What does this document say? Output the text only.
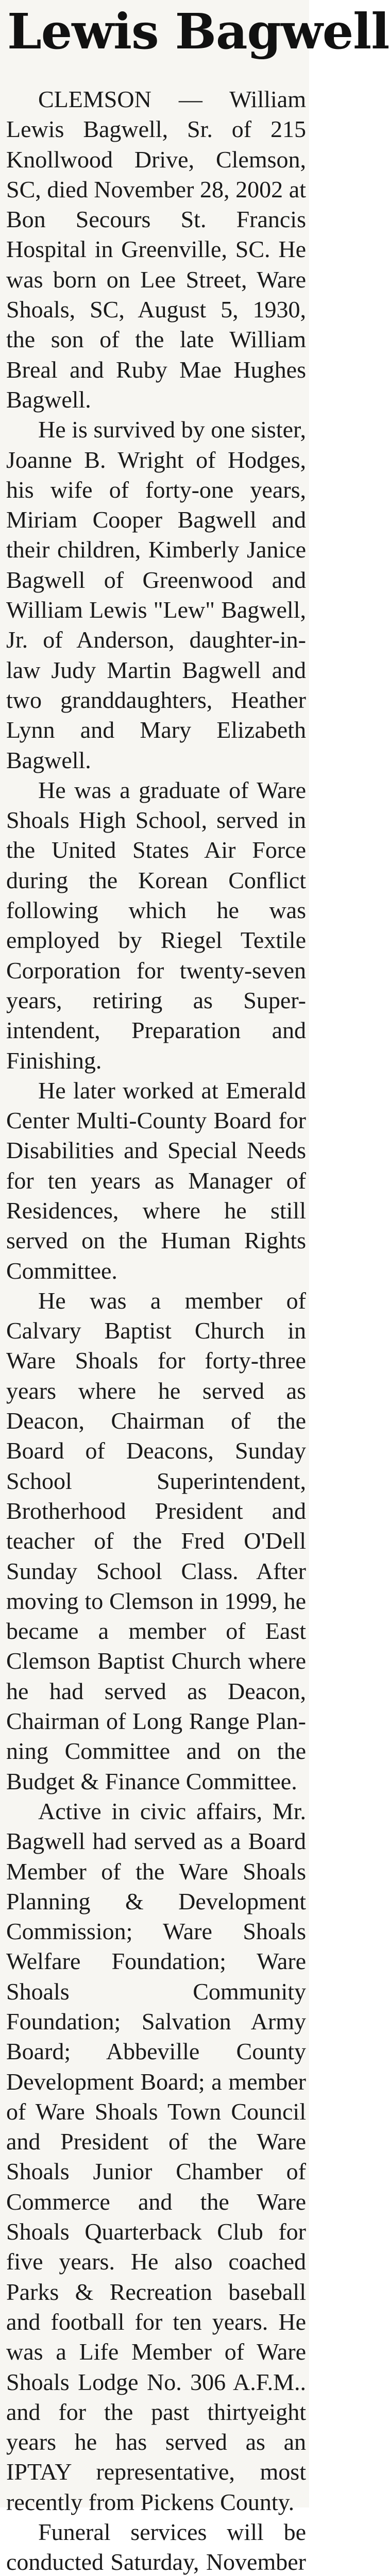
Lewis Bagwell

CLEMSON — William Lewis Bagwell, Sr. of 215 Knollwood Drive, Clemson, SC, died November 28, 2002 at Bon Secours St. Francis Hospital in Greenville, SC. He was born on Lee Street, Ware Shoals, SC, August 5, 1930, the son of the late William Breal and Ruby Mae Hughes Bagwell.

He is survived by one sister, Joanne B. Wright of Hodges, his wife of forty-one years, Miriam Cooper Bagwell and their children, Kimberly Janice Bagwell of Greenwood and William Lewis "Lew" Bagwell, Jr. of Anderson, daughter-in-law Judy Martin Bagwell and two granddaughters, Heather Lynn and Mary Elizabeth Bagwell.

He was a graduate of Ware Shoals High School, served in the United States Air Force during the Korean Conflict following which he was employed by Riegel Textile Corporation for twenty-seven years, retiring as Super-intendent, Preparation and Finishing.

He later worked at Emerald Center Multi-County Board for Disabilities and Special Needs for ten years as Manager of Residences, where he still served on the Human Rights Committee.

He was a member of Calvary Baptist Church in Ware Shoals for forty-three years where he served as Deacon, Chairman of the Board of Deacons, Sunday School Superintendent, Brotherhood President and teacher of the Fred O'Dell Sunday School Class. After moving to Clemson in 1999, he became a member of East Clemson Baptist Church where he had served as Deacon, Chairman of Long Range Planning Committee and on the Budget & Finance Committee.

Active in civic affairs, Mr. Bagwell had served as a Board Member of the Ware Shoals Planning & Development Commission; Ware Shoals Welfare Foundation; Ware Shoals Community Foundation; Salvation Army Board; Abbeville County Development Board; a member of Ware Shoals Town Council and President of the Ware Shoals Junior Chamber of Commerce and the Ware Shoals Quarterback Club for five years. He also coached Parks & Recreation baseball and football for ten years. He was a Life Member of Ware Shoals Lodge No. 306 A.F.M.. and for the past thirtyeight years he has served as an IPTAY representative, most recently from Pickens County.

Funeral services will be conducted Saturday, November
